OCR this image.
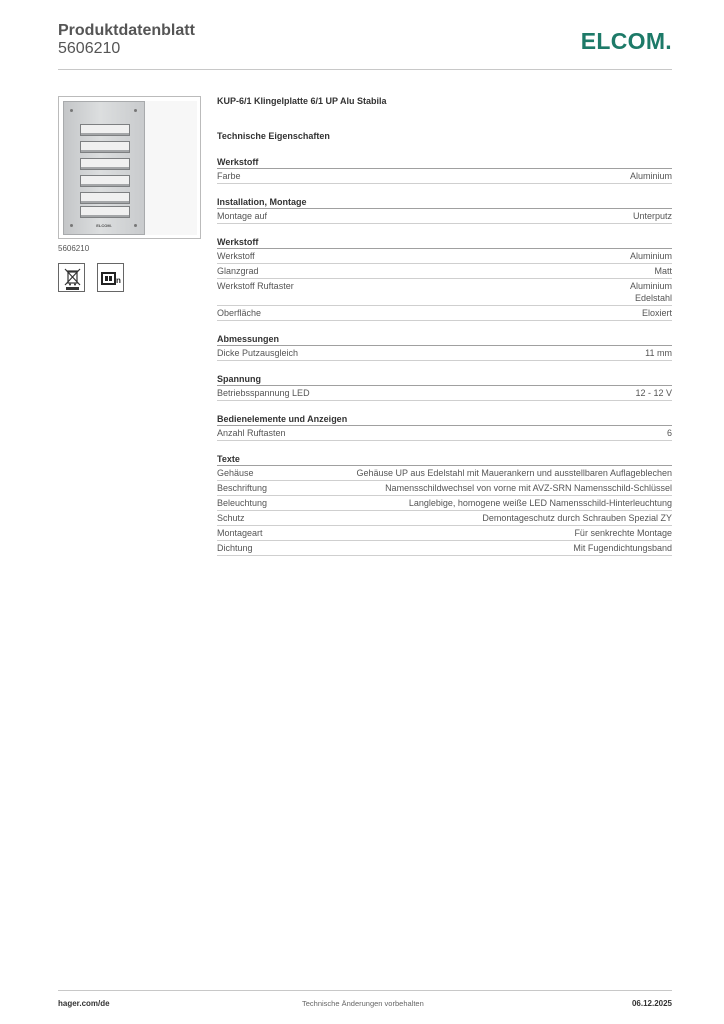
Produktdatenblatt
5606210	ELCOM.
ELCOM.
5606210
n
KUP-6/1 Klingelplatte 6/1 UP Alu Stabila
Technische Eigenschaften
Werkstoff
Farbe	Aluminium
Installation, Montage
Montage auf	Unterputz
Werkstoff
Werkstoff	Aluminium
Glanzgrad	Matt
Werkstoff Ruftaster	Aluminium
Edelstahl
Oberfläche	Eloxiert
Abmessungen
Dicke Putzausgleich	11 mm
Spannung
Betriebsspannung LED	12 - 12 V
Bedienelemente und Anzeigen
Anzahl Ruftasten	6
Texte
Gehäuse	Gehäuse UP aus Edelstahl mit Mauerankern und ausstellbaren Auflageblechen
Beschriftung	Namensschildwechsel von vorne mit AVZ-SRN Namensschild-Schlüssel
Beleuchtung	Langlebige, homogene weiße LED Namensschild-Hinterleuchtung
Schutz	Demontageschutz durch Schrauben Spezial ZY
Montageart	Für senkrechte Montage
Dichtung	Mit Fugendichtungsband
hager.com/de	Technische Änderungen vorbehalten	06.12.2025
